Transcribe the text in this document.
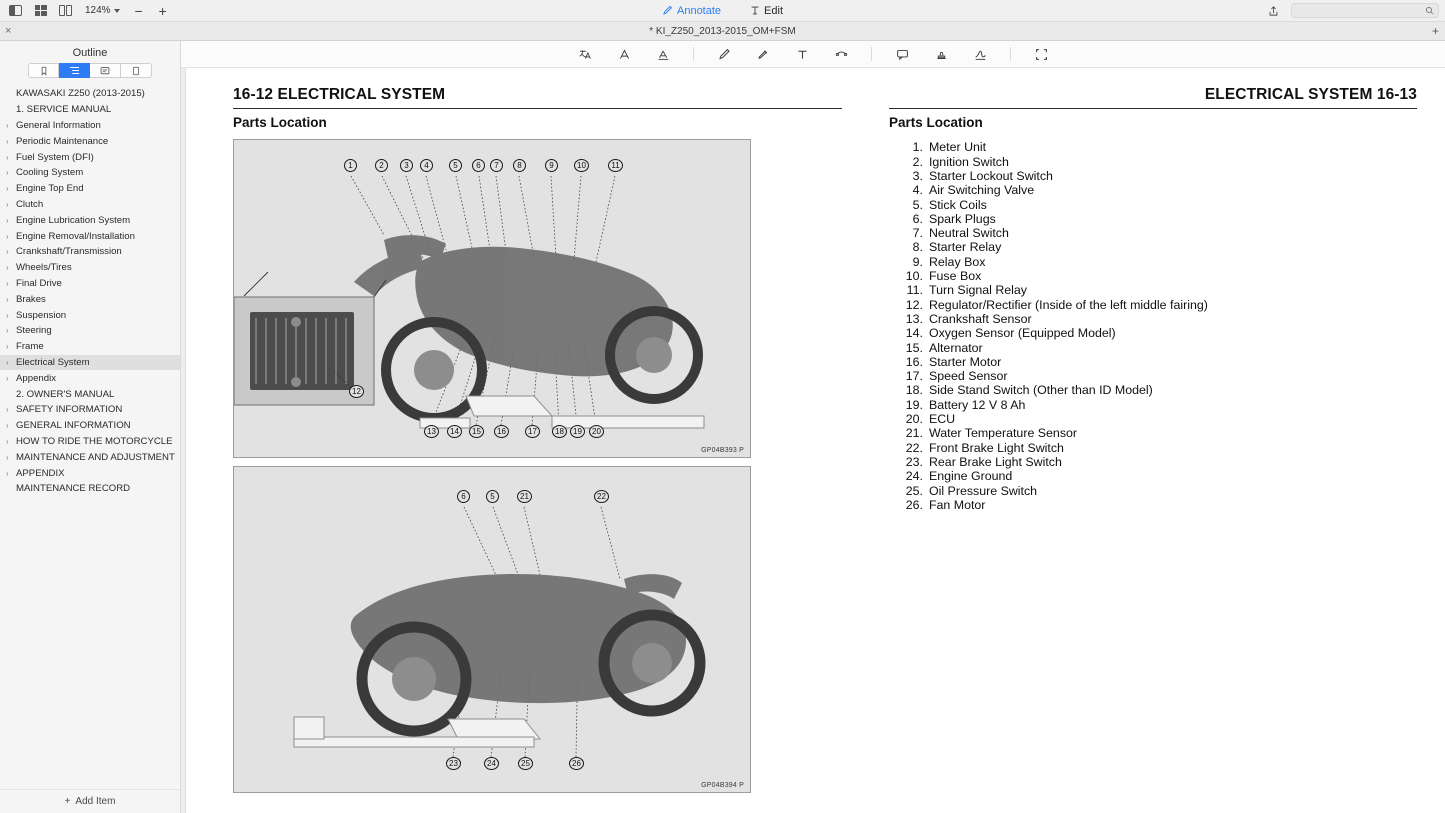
124%	−	+	Annotate	Edit
×	* KI_Z250_2013-2015_OM+FSM	+
Outline
KAWASAKI Z250 (2013-2015)
1. SERVICE MANUAL
› General Information
› Periodic Maintenance
› Fuel System (DFI)
› Cooling System
› Engine Top End
› Clutch
› Engine Lubrication System
› Engine Removal/Installation
› Crankshaft/Transmission
› Wheels/Tires
› Final Drive
› Brakes
› Suspension
› Steering
› Frame
› Electrical System
› Appendix
2. OWNER'S MANUAL
› SAFETY INFORMATION
› GENERAL INFORMATION
› HOW TO RIDE THE MOTORCYCLE
› MAINTENANCE AND ADJUSTMENT
› APPENDIX
MAINTENANCE RECORD
+ Add Item
16-12 ELECTRICAL SYSTEM
Parts Location
1	2	3	4	5	6	7	8	9	10	11
12
13	14	15	16	17	18	19	20
GP04B393 P
6	5	21	22
23	24	25	26
GP04B394 P
ELECTRICAL SYSTEM 16-13
Parts Location
1. Meter Unit
2. Ignition Switch
3. Starter Lockout Switch
4. Air Switching Valve
5. Stick Coils
6. Spark Plugs
7. Neutral Switch
8. Starter Relay
9. Relay Box
10. Fuse Box
11. Turn Signal Relay
12. Regulator/Rectifier (Inside of the left middle fairing)
13. Crankshaft Sensor
14. Oxygen Sensor (Equipped Model)
15. Alternator
16. Starter Motor
17. Speed Sensor
18. Side Stand Switch (Other than ID Model)
19. Battery 12 V 8 Ah
20. ECU
21. Water Temperature Sensor
22. Front Brake Light Switch
23. Rear Brake Light Switch
24. Engine Ground
25. Oil Pressure Switch
26. Fan Motor
